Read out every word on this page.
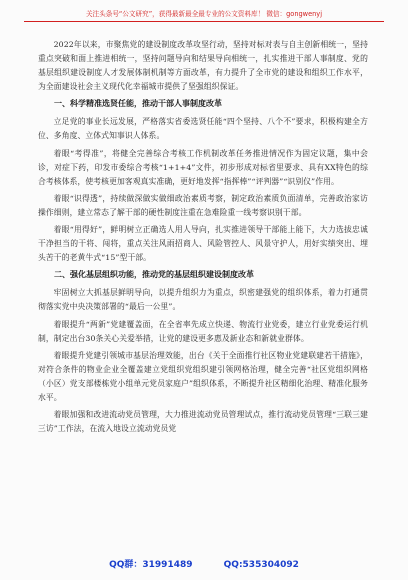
关注头条号“公文研究”，获得最新最全最专业的公文资料库！ 微信：gongwenyj

2022年以来，市聚焦党的建设制度改革攻坚行动，坚持对标对表与自主创新相统一，坚持重点突破和面上推进相统一，坚持问题导向和结果导向相统一，扎实推进干部人事制度、党的基层组织建设制度人才发展体制机制等方面改革，有力提升了全市党的建设和组织工作水平，为全面建设社会主义现代化幸福城市提供了坚强组织保证。

一、科学精准选贤任能，推动干部人事制度改革

立足党的事业长远发展，严格落实省委选贤任能“四个坚持、八个不”要求，积极构建全方位、多角度、立体式知事识人体系。

着眼“考得准”，将健全完善综合考核工作机制改革任务推进情况作为固定议题，集中会诊，对症下药，印发市委综合考核“1+1+4”文件，初步形成对标省里要求、具有XX特色的综合考核体系，使考核更加客观真实准确，更好地发挥“指挥棒”“评判器”“识别仪”作用。

着眼“识得透”，持续做深做实做细政治素质考察，制定政治素质负面清单，完善政治家访操作细则，建立常态了解干部的硬性制度注重在急难险重一线考察识别干部。

着眼“用得好”，鲜明树立正确选人用人导向，扎实推进领导干部能上能下，大力选拔忠诚干净担当的干将、闯将，重点关注风雨招商人、风险管控人、风景守护人，用好实绩突出、埋头苦干的老黄牛式“15”型干部。

二、强化基层组织功能，推动党的基层组织建设制度改革

牢固树立大抓基层鲜明导向，以提升组织力为重点，织密建强党的组织体系，着力打通贯彻落实党中央决策部署的“最后一公里”。

着眼提升“两新”党建覆盖面，在全省率先成立快递、物流行业党委，建立行业党委运行机制，制定出台30条关心关爱举措，让党的建设更多惠及新业态和新就业群体。

着眼提升党建引领城市基层治理效能，出台《关于全面推行社区物业党建联建若干措施》，对符合条件的物业企业全覆盖建立党组织党组织建引领网格治理，健全完善“社区党组织网格（小区）党支部楼栋党小组单元党员家庭户”组织体系，不断提升社区精细化治理、精准化服务水平。

着眼加强和改进流动党员管理，大力推进流动党员管理试点，推行流动党员管理“三联三建三访”工作法，在流入地设立流动党员党

QQ群：31991489	QQ:535304092
